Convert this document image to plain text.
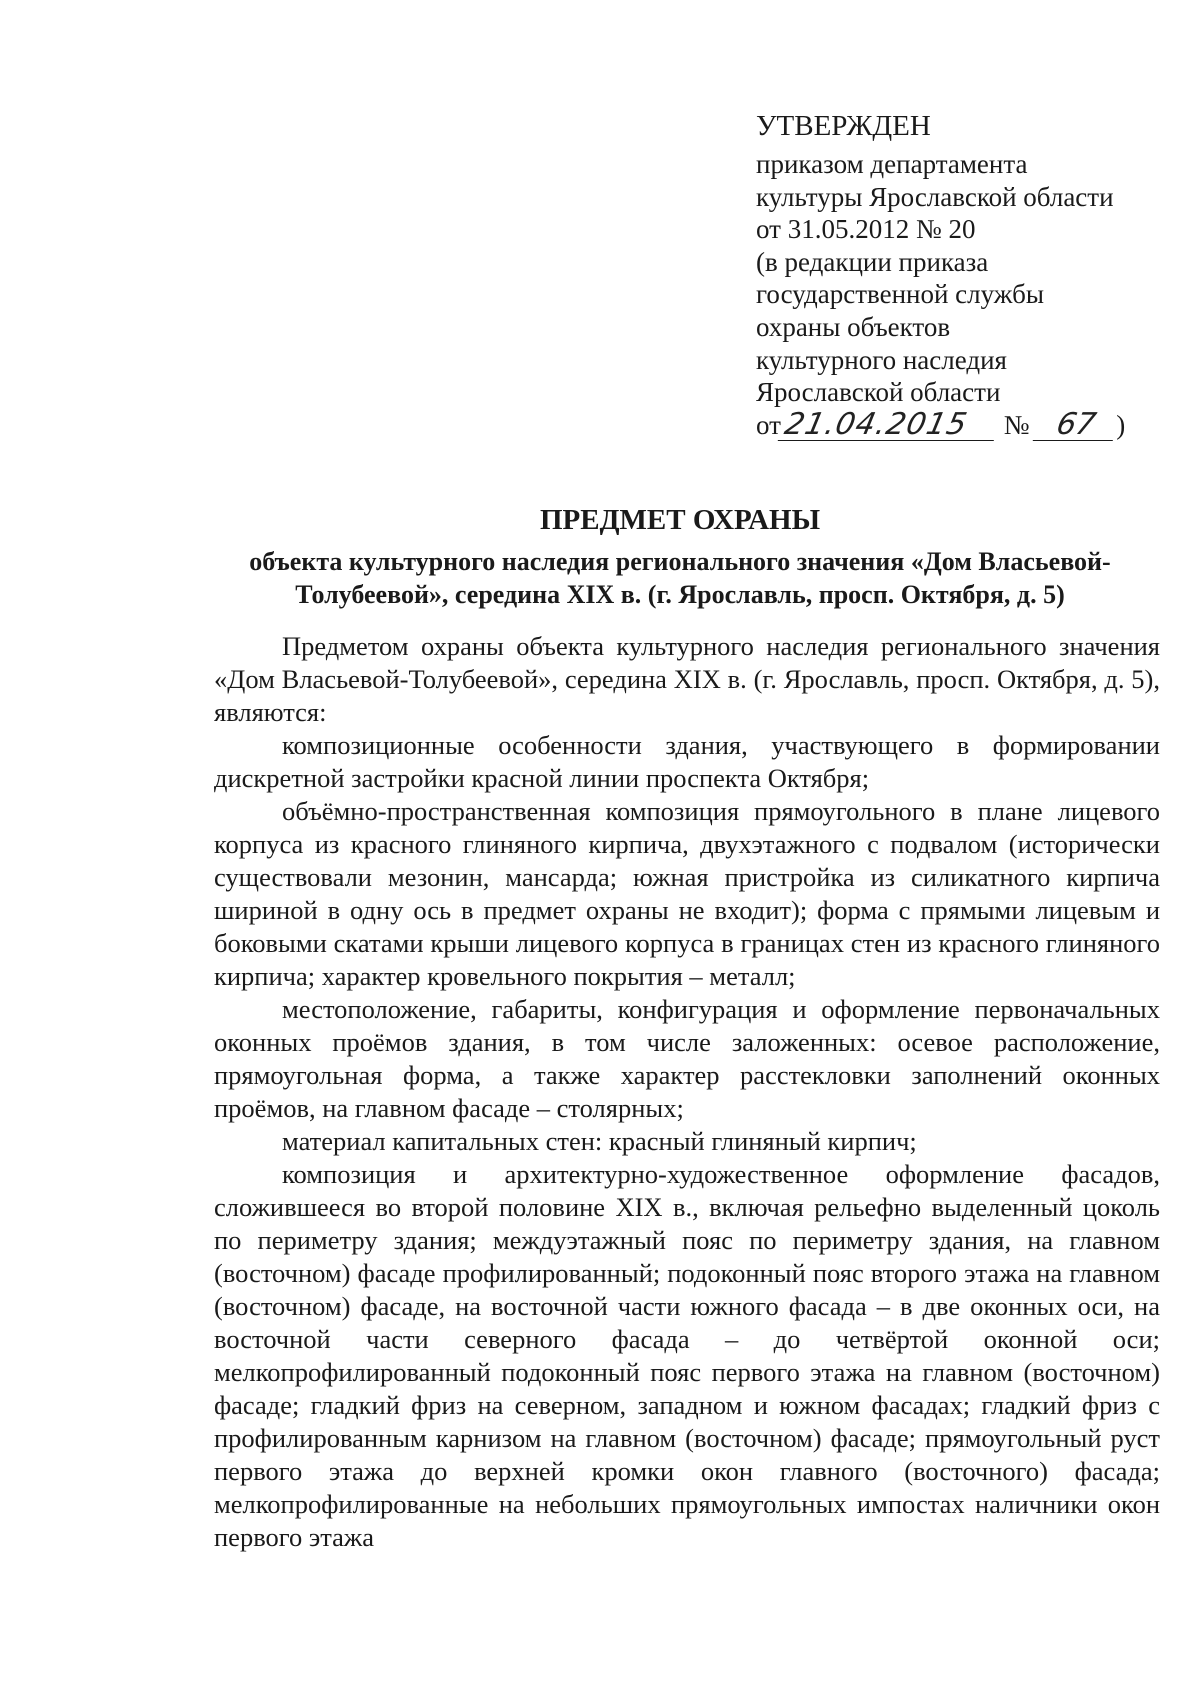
УТВЕРЖДЕН
приказом департамента
культуры Ярославской области
от 31.05.2012 № 20
(в редакции приказа
государственной службы
охраны объектов
культурного наследия
Ярославской области
от21.04.2015 № 67 )
ПРЕДМЕТ ОХРАНЫ
объекта культурного наследия регионального значения «Дом Власьевой-Толубеевой», середина XIX в. (г. Ярославль, просп. Октября, д. 5)

Предметом охраны объекта культурного наследия регионального значения «Дом Власьевой-Толубеевой», середина XIX в. (г. Ярославль, просп. Октября, д. 5), являются:

композиционные особенности здания, участвующего в формировании дискретной застройки красной линии проспекта Октября;

объёмно-пространственная композиция прямоугольного в плане лицевого корпуса из красного глиняного кирпича, двухэтажного с подвалом (исторически существовали мезонин, мансарда; южная пристройка из силикатного кирпича шириной в одну ось в предмет охраны не входит); форма с прямыми лицевым и боковыми скатами крыши лицевого корпуса в границах стен из красного глиняного кирпича; характер кровельного покрытия – металл;

местоположение, габариты, конфигурация и оформление первоначальных оконных проёмов здания, в том числе заложенных: осевое расположение, прямоугольная форма, а также характер расстекловки заполнений оконных проёмов, на главном фасаде – столярных;

материал капитальных стен: красный глиняный кирпич;

композиция и архитектурно-художественное оформление фасадов, сложившееся во второй половине XIX в., включая рельефно выделенный цоколь по периметру здания; междуэтажный пояс по периметру здания, на главном (восточном) фасаде профилированный; подоконный пояс второго этажа на главном (восточном) фасаде, на восточной части южного фасада – в две оконных оси, на восточной части северного фасада – до четвёртой оконной оси; мелкопрофилированный подоконный пояс первого этажа на главном (восточном) фасаде; гладкий фриз на северном, западном и южном фасадах; гладкий фриз с профилированным карнизом на главном (восточном) фасаде; прямоугольный руст первого этажа до верхней кромки окон главного (восточного) фасада; мелкопрофилированные на небольших прямоугольных импостах наличники окон первого этажа
